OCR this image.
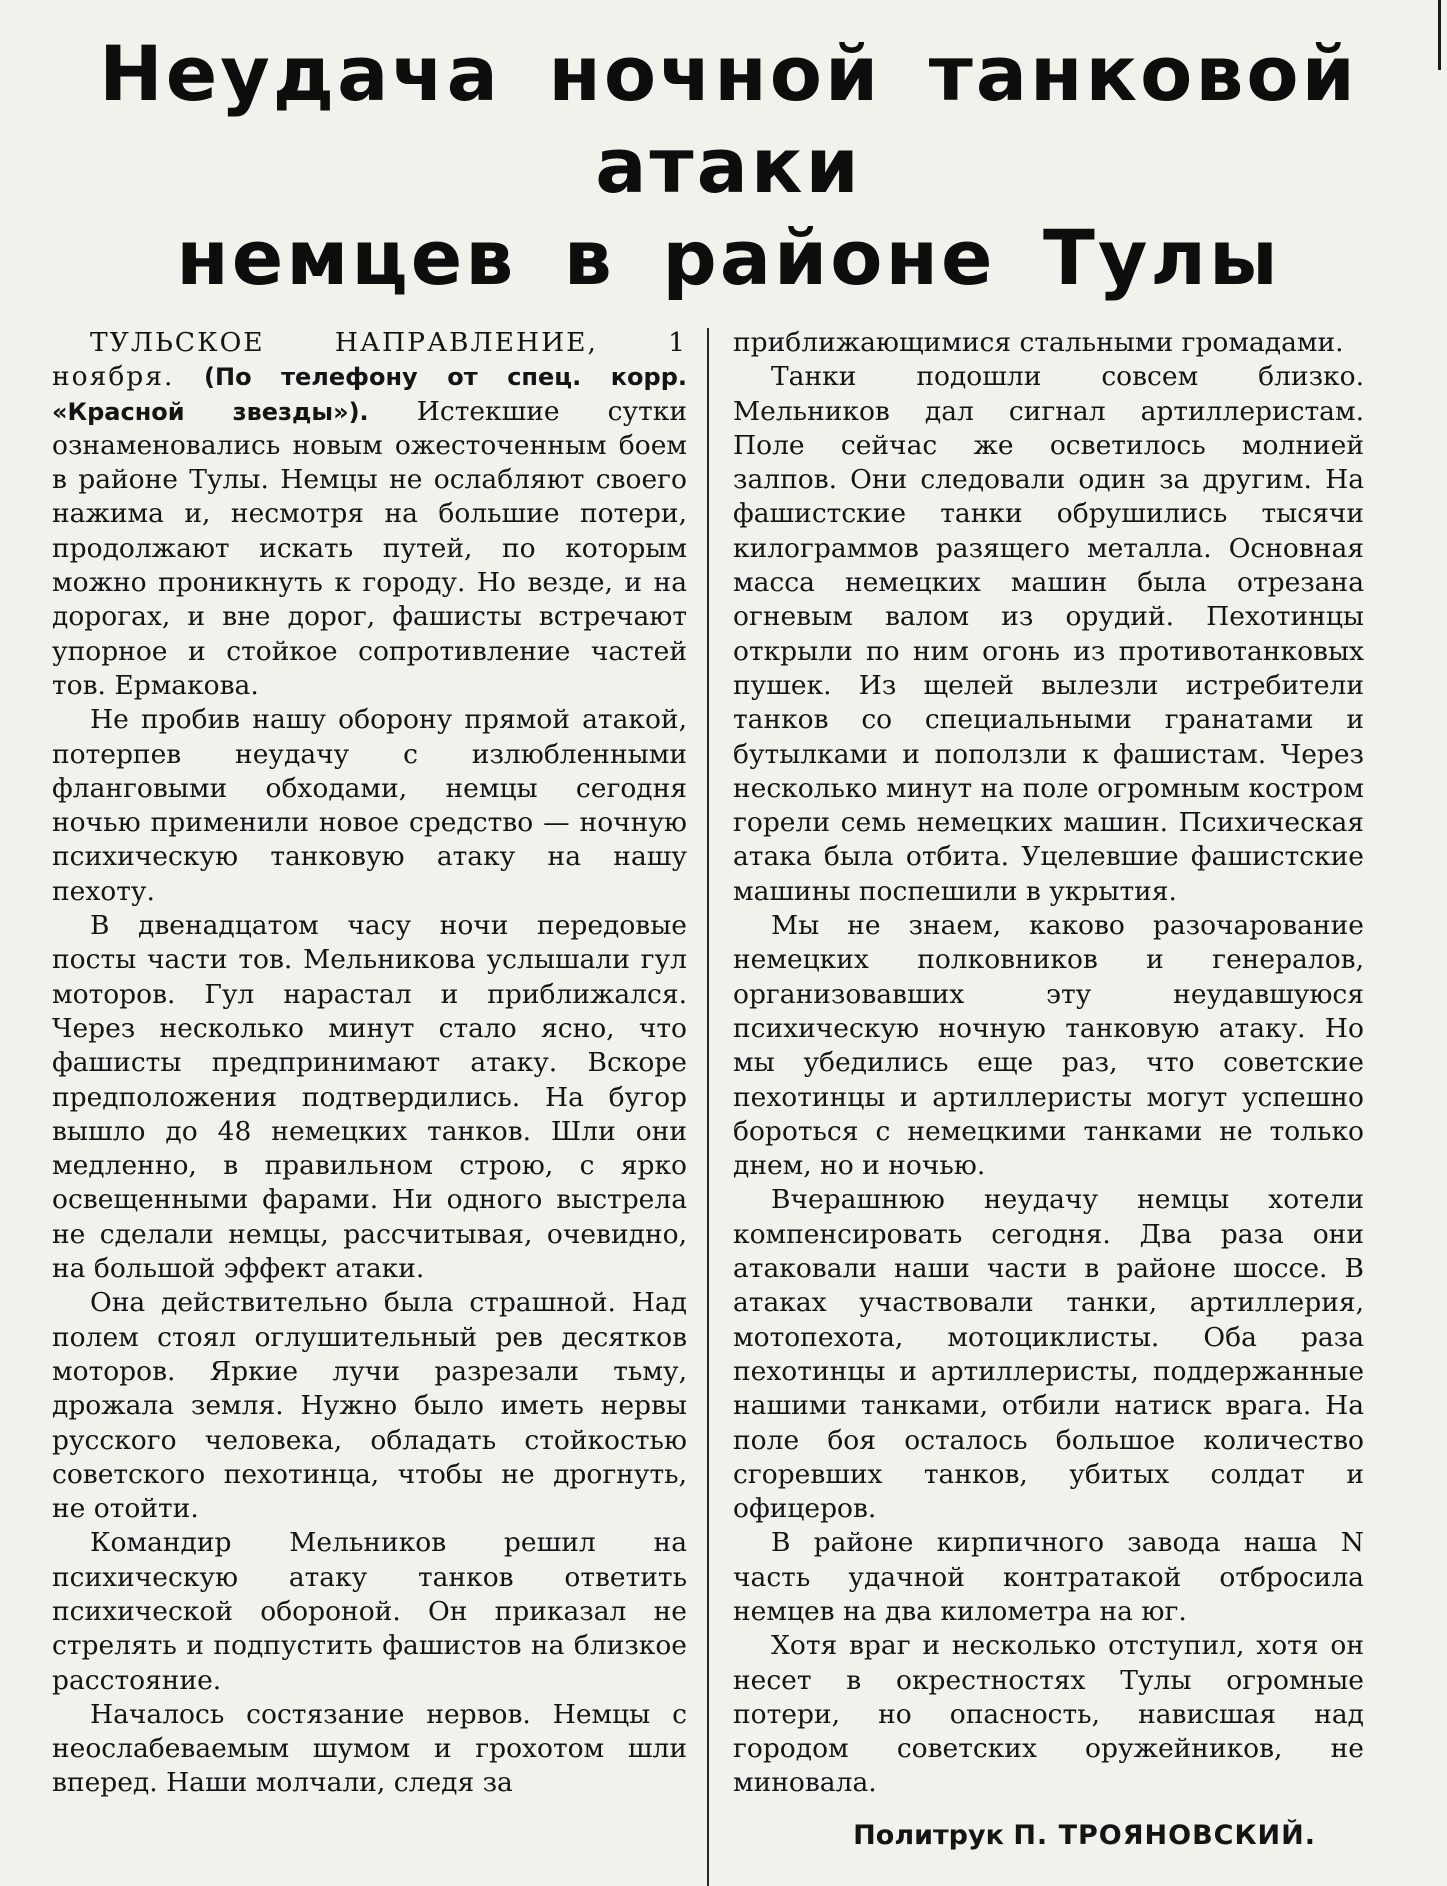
Неудача ночной танковой атаки
немцев в районе Тулы

ТУЛЬСКОЕ НАПРАВЛЕНИЕ, 1 ноября. (По телефону от спец. корр. «Красной звезды»). Истекшие сутки ознаменовались новым ожесточенным боем в районе Тулы. Немцы не ослабляют своего нажима и, несмотря на большие потери, продолжают искать путей, по которым можно проникнуть к городу. Но везде, и на дорогах, и вне дорог, фашисты встречают упорное и стойкое сопротивление частей тов. Ермакова.

Не пробив нашу оборону прямой атакой, потерпев неудачу с излюбленными фланговыми обходами, немцы сегодня ночью применили новое средство — ночную психическую танковую атаку на нашу пехоту.

В двенадцатом часу ночи передовые посты части тов. Мельникова услышали гул моторов. Гул нарастал и приближался. Через несколько минут стало ясно, что фашисты предпринимают атаку. Вскоре предположения подтвердились. На бугор вышло до 48 немецких танков. Шли они медленно, в правильном строю, с ярко освещенными фарами. Ни одного выстрела не сделали немцы, рассчитывая, очевидно, на большой эффект атаки.

Она действительно была страшной. Над полем стоял оглушительный рев десятков моторов. Яркие лучи разрезали тьму, дрожала земля. Нужно было иметь нервы русского человека, обладать стойкостью советского пехотинца, чтобы не дрогнуть, не отойти.

Командир Мельников решил на психическую атаку танков ответить психической обороной. Он приказал не стрелять и подпустить фашистов на близкое расстояние.

Началось состязание нервов. Немцы с неослабеваемым шумом и грохотом шли вперед. Наши молчали, следя за

приближающимися стальными громадами.

Танки подошли совсем близко. Мельников дал сигнал артиллеристам. Поле сейчас же осветилось молнией залпов. Они следовали один за другим. На фашистские танки обрушились тысячи килограммов разящего металла. Основная масса немецких машин была отрезана огневым валом из орудий. Пехотинцы открыли по ним огонь из противотанковых пушек. Из щелей вылезли истребители танков со специальными гранатами и бутылками и поползли к фашистам. Через несколько минут на поле огромным костром горели семь немецких машин. Психическая атака была отбита. Уцелевшие фашистские машины поспешили в укрытия.

Мы не знаем, каково разочарование немецких полковников и генералов, организовавших эту неудавшуюся психическую ночную танковую атаку. Но мы убедились еще раз, что советские пехотинцы и артиллеристы могут успешно бороться с немецкими танками не только днем, но и ночью.

Вчерашнюю неудачу немцы хотели компенсировать сегодня. Два раза они атаковали наши части в районе шоссе. В атаках участвовали танки, артиллерия, мотопехота, мотоциклисты. Оба раза пехотинцы и артиллеристы, поддержанные нашими танками, отбили натиск врага. На поле боя осталось большое количество сгоревших танков, убитых солдат и офицеров.

В районе кирпичного завода наша N часть удачной контратакой отбросила немцев на два километра на юг.

Хотя враг и несколько отступил, хотя он несет в окрестностях Тулы огромные потери, но опасность, нависшая над городом советских оружейников, не миновала.

Политрук П. ТРОЯНОВСКИЙ.
